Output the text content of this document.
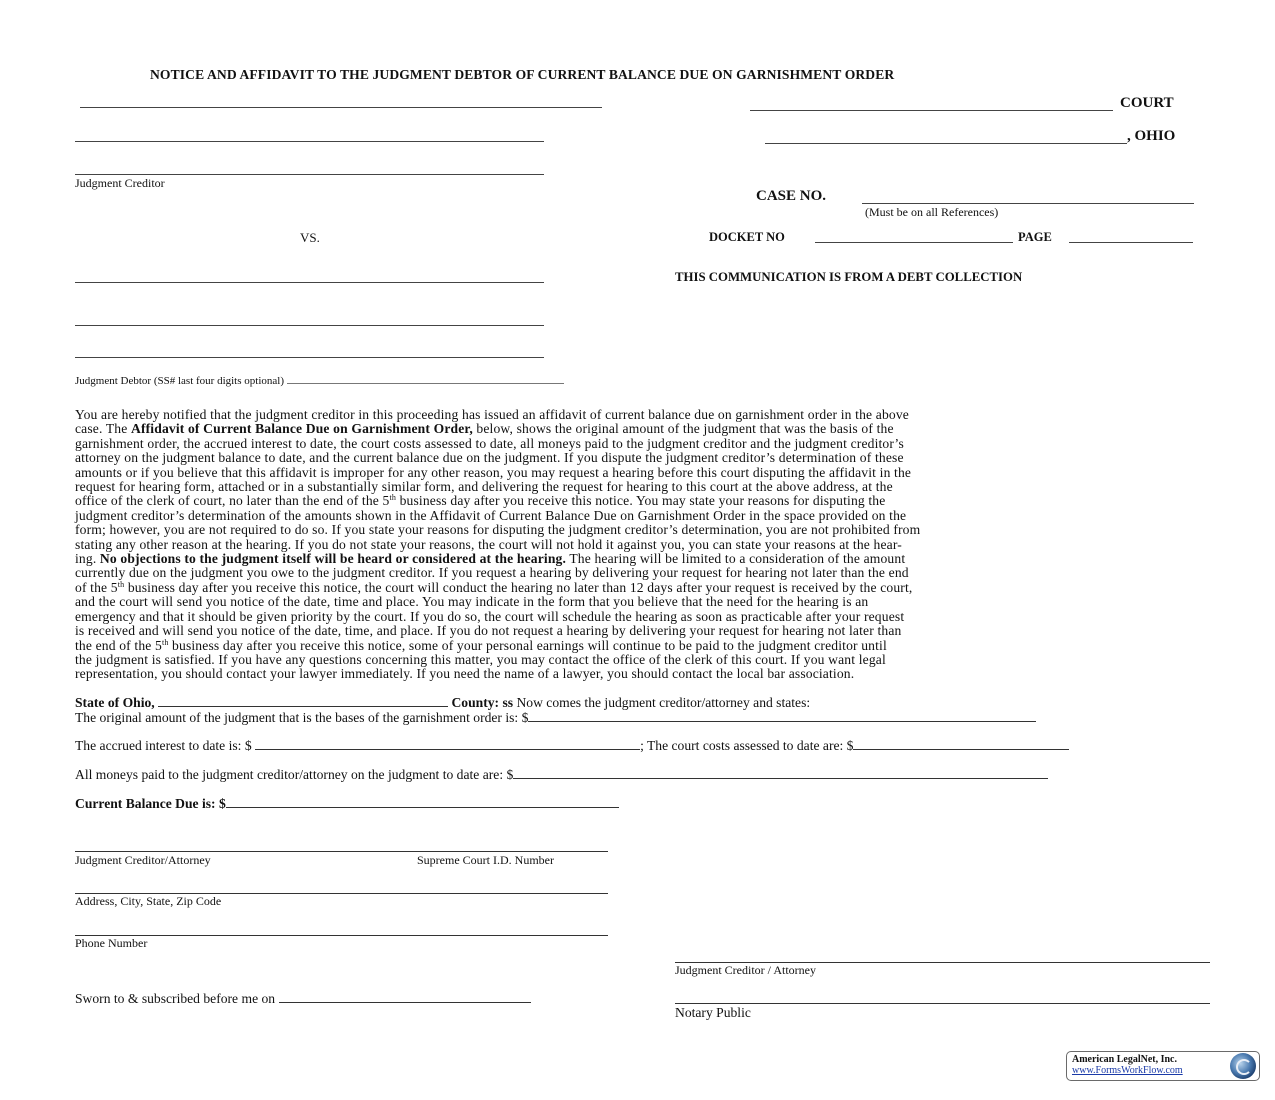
NOTICE AND AFFIDAVIT TO THE JUDGMENT DEBTOR OF CURRENT BALANCE DUE ON GARNISHMENT ORDER
Judgment Creditor
VS.
Judgment Debtor (SS# last four digits optional)
COURT
, OHIO
CASE NO.
(Must be on all References)
DOCKET NO	PAGE
THIS COMMUNICATION IS FROM A DEBT COLLECTION
You are hereby notified that the judgment creditor in this proceeding has issued an affidavit of current balance due on garnishment order in the above
case. The Affidavit of Current Balance Due on Garnishment Order, below, shows the original amount of the judgment that was the basis of the
garnishment order, the accrued interest to date, the court costs assessed to date, all moneys paid to the judgment creditor and the judgment creditor’s
attorney on the judgment balance to date, and the current balance due on the judgment. If you dispute the judgment creditor’s determination of these
amounts or if you believe that this affidavit is improper for any other reason, you may request a hearing before this court disputing the affidavit in the
request for hearing form, attached or in a substantially similar form, and delivering the request for hearing to this court at the above address, at the
office of the clerk of court, no later than the end of the 5th business day after you receive this notice. You may state your reasons for disputing the
judgment creditor’s determination of the amounts shown in the Affidavit of Current Balance Due on Garnishment Order in the space provided on the
form; however, you are not required to do so. If you state your reasons for disputing the judgment creditor’s determination, you are not prohibited from
stating any other reason at the hearing. If you do not state your reasons, the court will not hold it against you, you can state your reasons at the hear-
ing. No objections to the judgment itself will be heard or considered at the hearing. The hearing will be limited to a consideration of the amount
currently due on the judgment you owe to the judgment creditor. If you request a hearing by delivering your request for hearing not later than the end
of the 5th business day after you receive this notice, the court will conduct the hearing no later than 12 days after your request is received by the court,
and the court will send you notice of the date, time and place. You may indicate in the form that you believe that the need for the hearing is an
emergency and that it should be given priority by the court. If you do so, the court will schedule the hearing as soon as practicable after your request
is received and will send you notice of the date, time, and place. If you do not request a hearing by delivering your request for hearing not later than
the end of the 5th business day after you receive this notice, some of your personal earnings will continue to be paid to the judgment creditor until
the judgment is satisfied. If you have any questions concerning this matter, you may contact the office of the clerk of this court. If you want legal
representation, you should contact your lawyer immediately. If you need the name of a lawyer, you should contact the local bar association.
State of Ohio,	County: ss Now comes the judgment creditor/attorney and states:
The original amount of the judgment that is the bases of the garnishment order is: $
The accrued interest to date is: $	; The court costs assessed to date are: $
All moneys paid to the judgment creditor/attorney on the judgment to date are: $
Current Balance Due is: $
Judgment Creditor/Attorney	Supreme Court I.D. Number
Address, City, State, Zip Code
Phone Number
Sworn to & subscribed before me on
Judgment Creditor / Attorney
Notary Public
American LegalNet, Inc.
www.FormsWorkFlow.com
